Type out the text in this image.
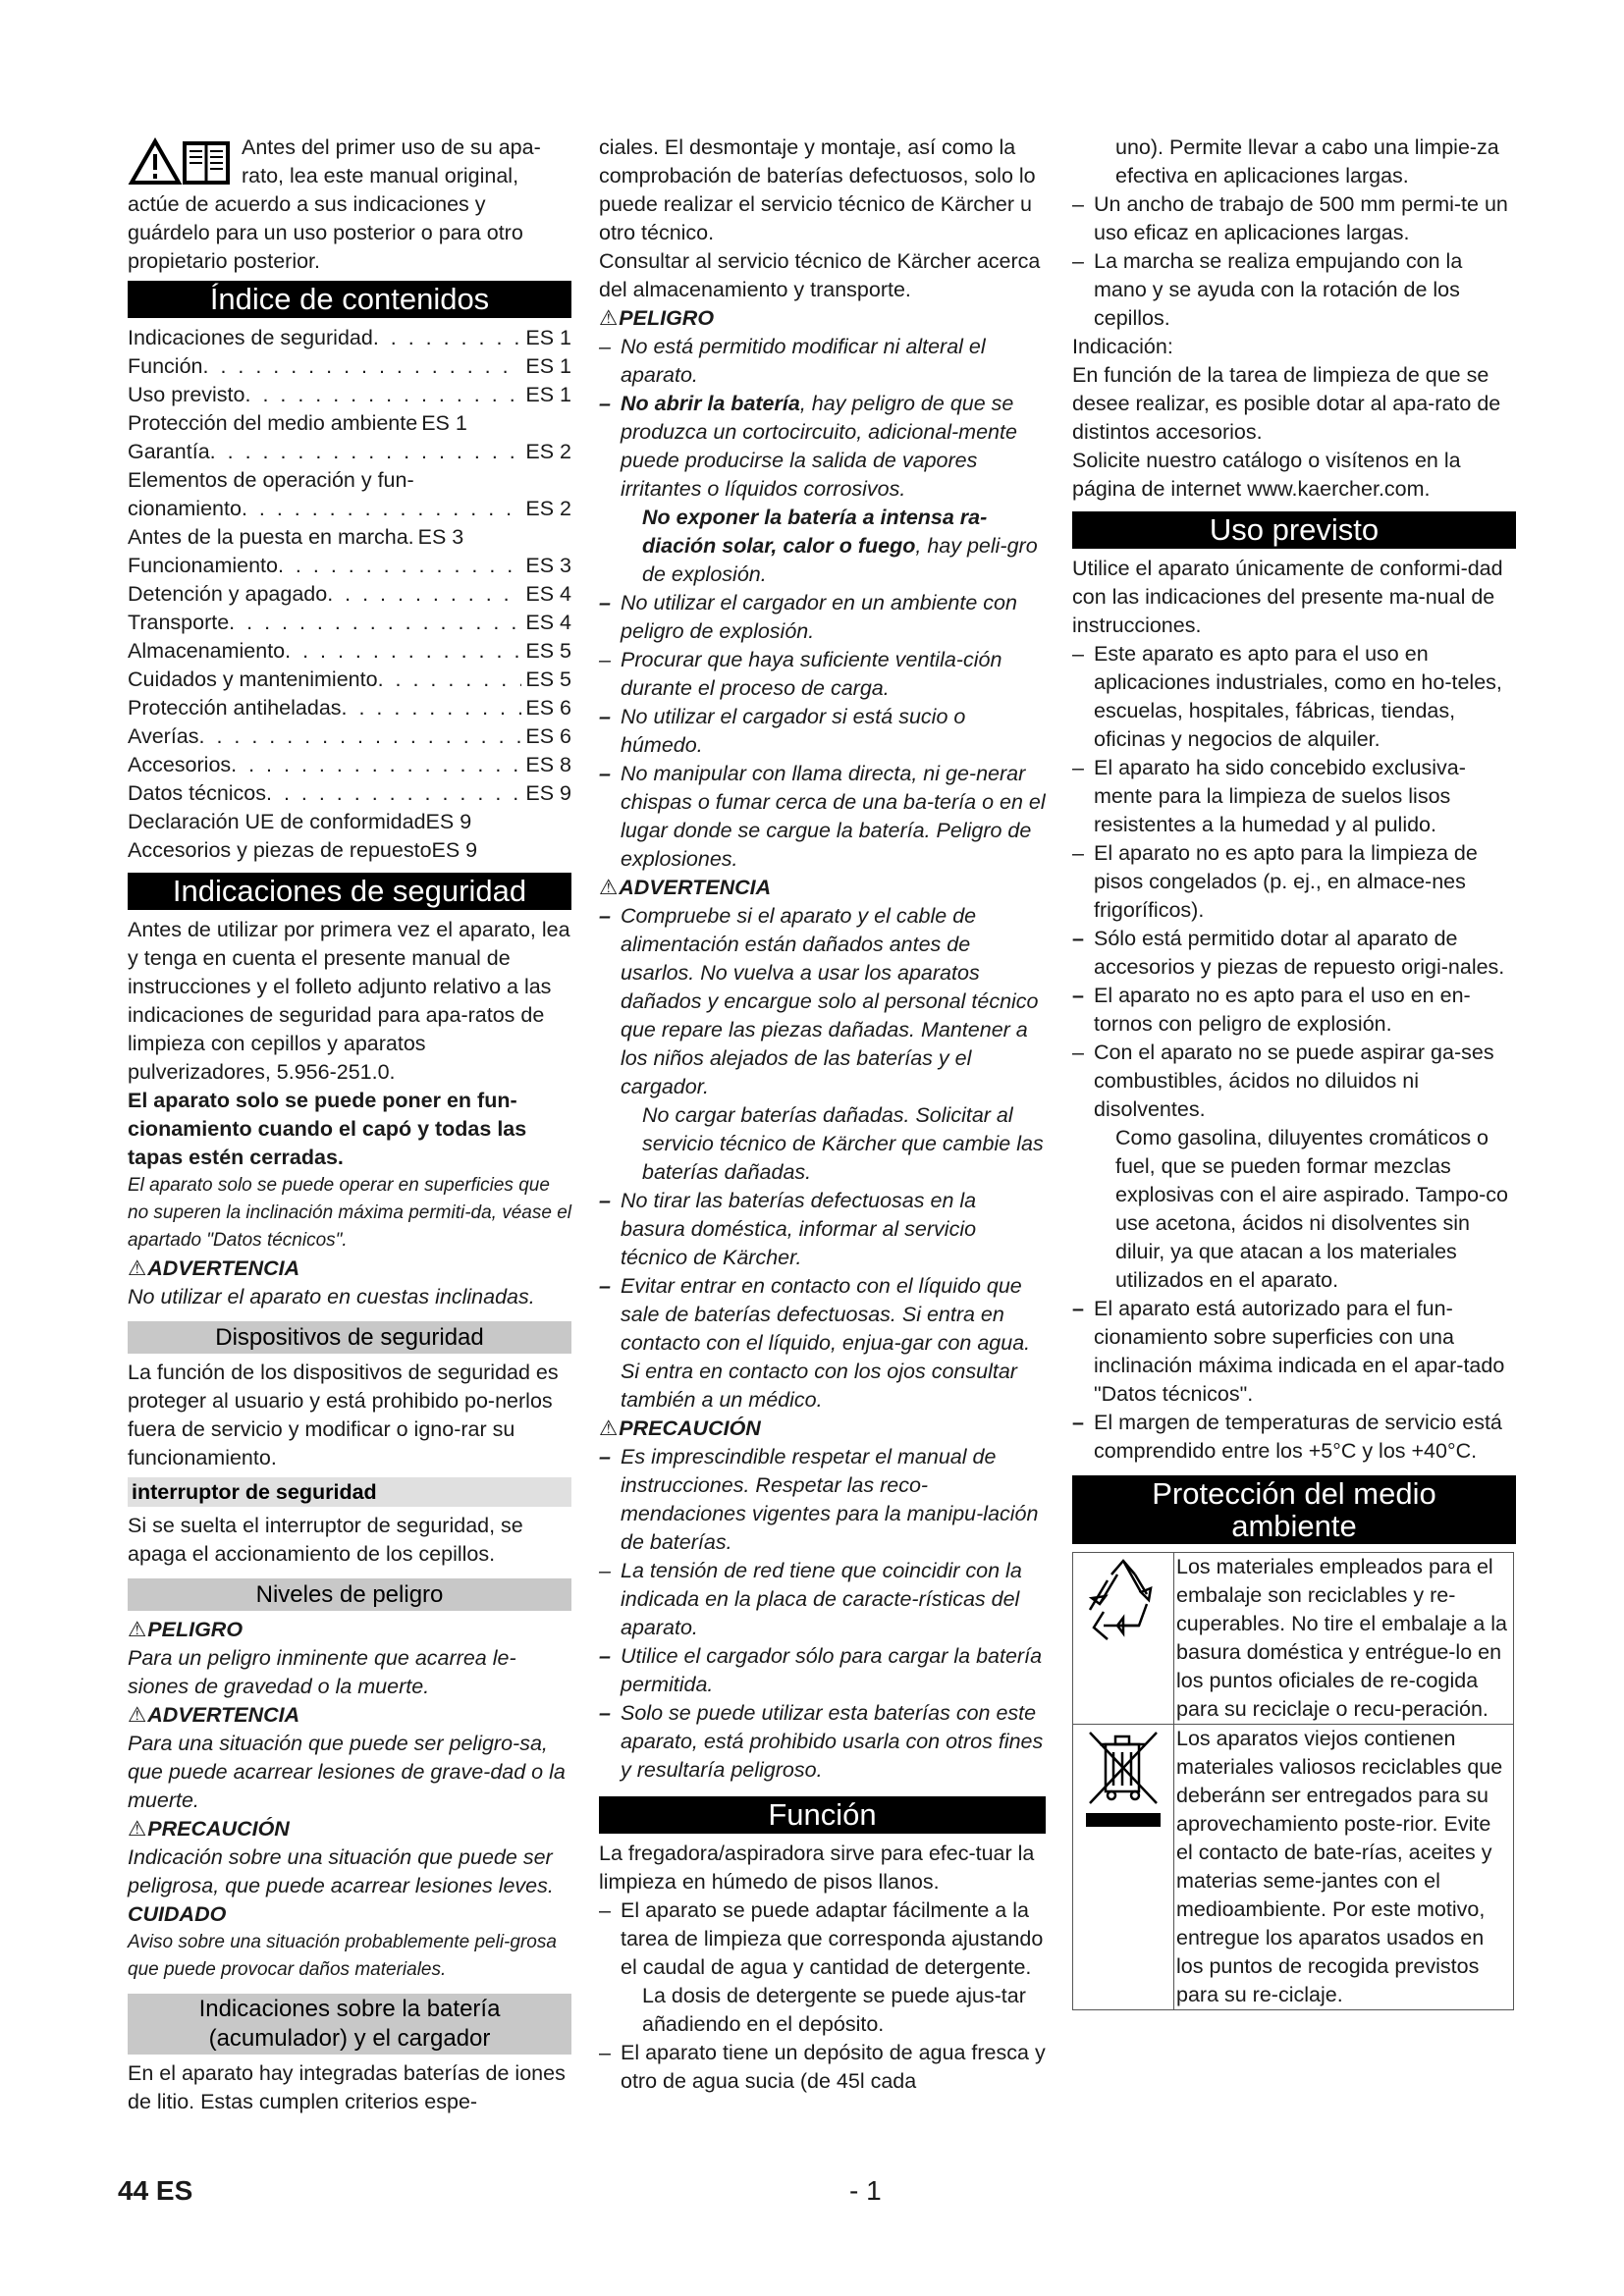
Antes del primer uso de su apa-

rato, lea este manual original,

actúe de acuerdo a sus indicaciones y guárdelo para un uso posterior o para otro propietario posterior.

Índice de contenidos
Indicaciones de seguridad . . .	ES 1
Función . . .	ES 1
Uso previsto . . .	ES 1
Protección del medio ambiente ES 1
Garantía . . .	ES 2
Elementos de operación y fun-
cionamiento . . .	ES 2
Antes de la puesta en marcha. ES 3
Funcionamiento . . .	ES 3
Detención y apagado . . .	ES 4
Transporte . . .	ES 4
Almacenamiento . . .	ES 5
Cuidados y mantenimiento . . .	ES 5
Protección antiheladas . . .	ES 6
Averías . . .	ES 6
Accesorios . . .	ES 8
Datos técnicos . . .	ES 9
Declaración UE de conformidad ES 9
Accesorios y piezas de repuesto ES 9
Indicaciones de seguridad

Antes de utilizar por primera vez el aparato, lea y tenga en cuenta el presente manual de instrucciones y el folleto adjunto relativo a las indicaciones de seguridad para apa-ratos de limpieza con cepillos y aparatos pulverizadores, 5.956-251.0.

El aparato solo se puede poner en fun-cionamiento cuando el capó y todas las tapas estén cerradas.

El aparato solo se puede operar en superficies que no superen la inclinación máxima permiti-da, véase el apartado "Datos técnicos".

⚠ADVERTENCIA

No utilizar el aparato en cuestas inclinadas.

Dispositivos de seguridad

La función de los dispositivos de seguridad es proteger al usuario y está prohibido po-nerlos fuera de servicio y modificar o igno-rar su funcionamiento.

interruptor de seguridad

Si se suelta el interruptor de seguridad, se apaga el accionamiento de los cepillos.

Niveles de peligro

⚠PELIGRO

Para un peligro inminente que acarrea le-siones de gravedad o la muerte.

⚠ADVERTENCIA

Para una situación que puede ser peligro-sa, que puede acarrear lesiones de grave-dad o la muerte.

⚠PRECAUCIÓN

Indicación sobre una situación que puede ser peligrosa, que puede acarrear lesiones leves.

CUIDADO

Aviso sobre una situación probablemente peli-grosa que puede provocar daños materiales.

Indicaciones sobre la batería
(acumulador) y el cargador

En el aparato hay integradas baterías de iones de litio. Estas cumplen criterios espe-

ciales. El desmontaje y montaje, así como la comprobación de baterías defectuosos, solo lo puede realizar el servicio técnico de Kärcher u otro técnico.

Consultar al servicio técnico de Kärcher acerca del almacenamiento y transporte.

⚠PELIGRO

– No está permitido modificar ni alteral el aparato.
– No abrir la batería, hay peligro de que se produzca un cortocircuito, adicional-mente puede producirse la salida de vapores irritantes o líquidos corrosivos.

No exponer la batería a intensa ra-diación solar, calor o fuego, hay peli-gro de explosión.

– No utilizar el cargador en un ambiente con peligro de explosión.
– Procurar que haya suficiente ventila-ción durante el proceso de carga.
– No utilizar el cargador si está sucio o húmedo.
– No manipular con llama directa, ni ge-nerar chispas o fumar cerca de una ba-tería o en el lugar donde se cargue la batería. Peligro de explosiones.

⚠ADVERTENCIA

– Compruebe si el aparato y el cable de alimentación están dañados antes de usarlos. No vuelva a usar los aparatos dañados y encargue solo al personal técnico que repare las piezas dañadas. Mantener a los niños alejados de las baterías y el cargador.

No cargar baterías dañadas. Solicitar al servicio técnico de Kärcher que cambie las baterías dañadas.

– No tirar las baterías defectuosas en la basura doméstica, informar al servicio técnico de Kärcher.
– Evitar entrar en contacto con el líquido que sale de baterías defectuosas. Si entra en contacto con el líquido, enjua-gar con agua. Si entra en contacto con los ojos consultar también a un médico.

⚠PRECAUCIÓN

– Es imprescindible respetar el manual de instrucciones. Respetar las reco-mendaciones vigentes para la manipu-lación de baterías.
– La tensión de red tiene que coincidir con la indicada en la placa de caracte-rísticas del aparato.
– Utilice el cargador sólo para cargar la batería permitida.
– Solo se puede utilizar esta baterías con este aparato, está prohibido usarla con otros fines y resultaría peligroso.
Función

La fregadora/aspiradora sirve para efec-tuar la limpieza en húmedo de pisos llanos.

– El aparato se puede adaptar fácilmente a la tarea de limpieza que corresponda ajustando el caudal de agua y cantidad de detergente.

La dosis de detergente se puede ajus-tar añadiendo en el depósito.

– El aparato tiene un depósito de agua fresca y otro de agua sucia (de 45l cada

uno). Permite llevar a cabo una limpie-za efectiva en aplicaciones largas.

– Un ancho de trabajo de 500 mm permi-te un uso eficaz en aplicaciones largas.
– La marcha se realiza empujando con la mano y se ayuda con la rotación de los cepillos.

Indicación:

En función de la tarea de limpieza de que se desee realizar, es posible dotar al apa-rato de distintos accesorios.

Solicite nuestro catálogo o visítenos en la página de internet www.kaercher.com.

Uso previsto

Utilice el aparato únicamente de conformi-dad con las indicaciones del presente ma-nual de instrucciones.

– Este aparato es apto para el uso en aplicaciones industriales, como en ho-teles, escuelas, hospitales, fábricas, tiendas, oficinas y negocios de alquiler.
– El aparato ha sido concebido exclusiva-mente para la limpieza de suelos lisos resistentes a la humedad y al pulido.
– El aparato no es apto para la limpieza de pisos congelados (p. ej., en almace-nes frigoríficos).
– Sólo está permitido dotar al aparato de accesorios y piezas de repuesto origi-nales.
– El aparato no es apto para el uso en en-tornos con peligro de explosión.
– Con el aparato no se puede aspirar ga-ses combustibles, ácidos no diluidos ni disolventes.

Como gasolina, diluyentes cromáticos o fuel, que se pueden formar mezclas explosivas con el aire aspirado. Tampo-co use acetona, ácidos ni disolventes sin diluir, ya que atacan a los materiales utilizados en el aparato.

– El aparato está autorizado para el fun-cionamiento sobre superficies con una inclinación máxima indicada en el apar-tado "Datos técnicos".
– El margen de temperaturas de servicio está comprendido entre los +5°C y los +40°C.
Protección del medio
ambiente
	Los materiales empleados para el embalaje son reciclables y re-cuperables. No tire el embalaje a la basura doméstica y entrégue-lo en los puntos oficiales de re-cogida para su reciclaje o recu-peración.
	Los aparatos viejos contienen materiales valiosos reciclables que deberánn ser entregados para su aprovechamiento poste-rior. Evite el contacto de bate-rías, aceites y materias seme-jantes con el medioambiente. Por este motivo, entregue los aparatos usados en los puntos de recogida previstos para su re-ciclaje.
44 ES	- 1
